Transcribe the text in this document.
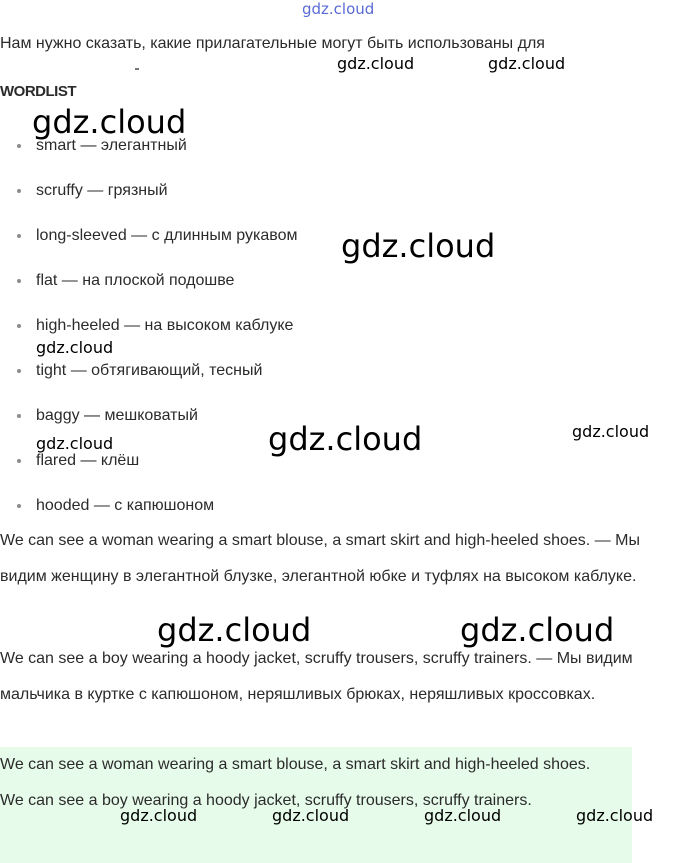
gdz.cloud
Нам нужно сказать, какие прилагательные могут быть использованы для
WORDLIST
smart — элегантный
scruffy — грязный
long-sleeved — с длинным рукавом
flat — на плоской подошве
high-heeled — на высоком каблуке
tight — обтягивающий, тесный
baggy — мешковатый
flared — клёш
hooded — с капюшоном

We can see a woman wearing a smart blouse, a smart skirt and high-heeled shoes. — Мы видим женщину в элегантной блузке, элегантной юбке и туфлях на высоком каблуке.

We can see a boy wearing a hoody jacket, scruffy trousers, scruffy trainers. — Мы видим мальчика в куртке с капюшоном, неряшливых брюках, неряшливых кроссовках.

We can see a woman wearing a smart blouse, a smart skirt and high-heeled shoes.

We can see a boy wearing a hoody jacket, scruffy trousers, scruffy trainers.

gdz.cloud	gdz.cloud
gdz.cloud
gdz.cloud
gdz.cloud
gdz.cloud
gdz.cloud
gdz.cloud
gdz.cloud	gdz.cloud
gdz.cloud	gdz.cloud	gdz.cloud	gdz.cloud
